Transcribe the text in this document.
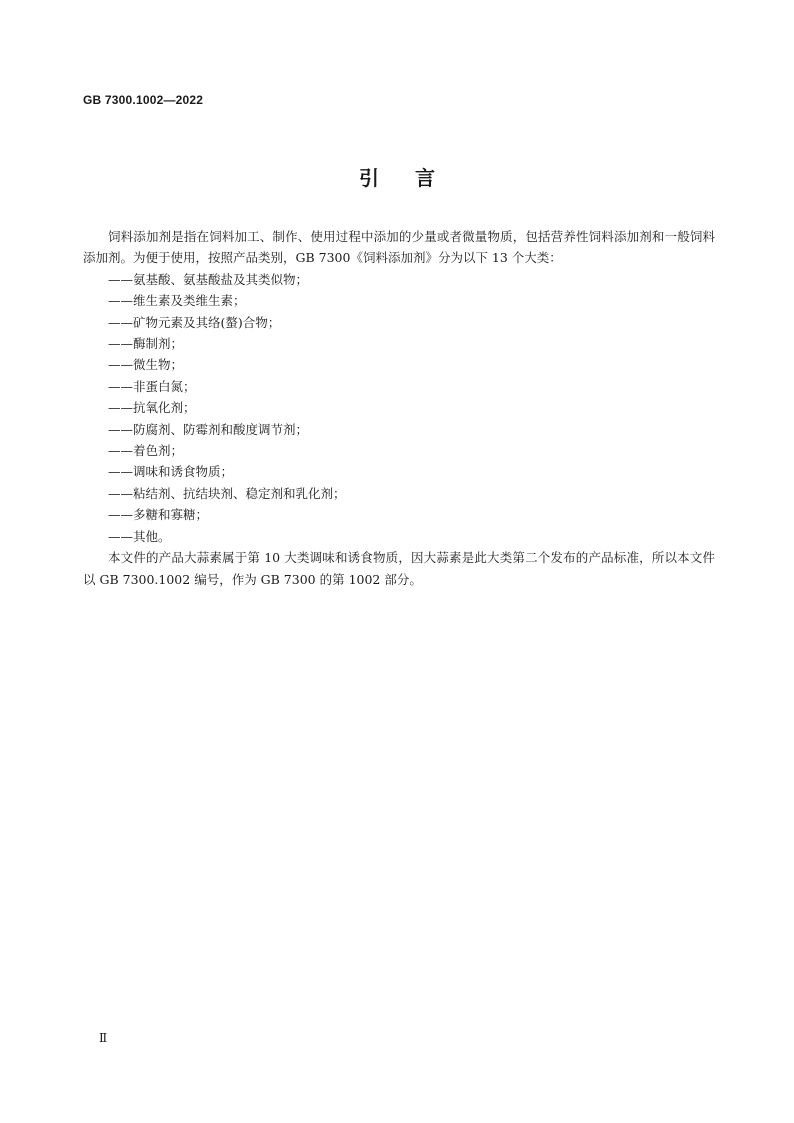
GB 7300.1002—2022
引言

饲料添加剂是指在饲料加工、制作、使用过程中添加的少量或者微量物质，包括营养性饲料添加剂和一般饲料添加剂。为便于使用，按照产品类别，GB 7300《饲料添加剂》分为以下 13 个大类：

——氨基酸、氨基酸盐及其类似物；
——维生素及类维生素；
——矿物元素及其络(螯)合物；
——酶制剂；
——微生物；
——非蛋白氮；
——抗氧化剂；
——防腐剂、防霉剂和酸度调节剂；
——着色剂；
——调味和诱食物质；
——粘结剂、抗结块剂、稳定剂和乳化剂；
——多糖和寡糖；
——其他。

本文件的产品大蒜素属于第 10 大类调味和诱食物质，因大蒜素是此大类第二个发布的产品标准，所以本文件以 GB 7300.1002 编号，作为 GB 7300 的第 1002 部分。

Ⅱ
